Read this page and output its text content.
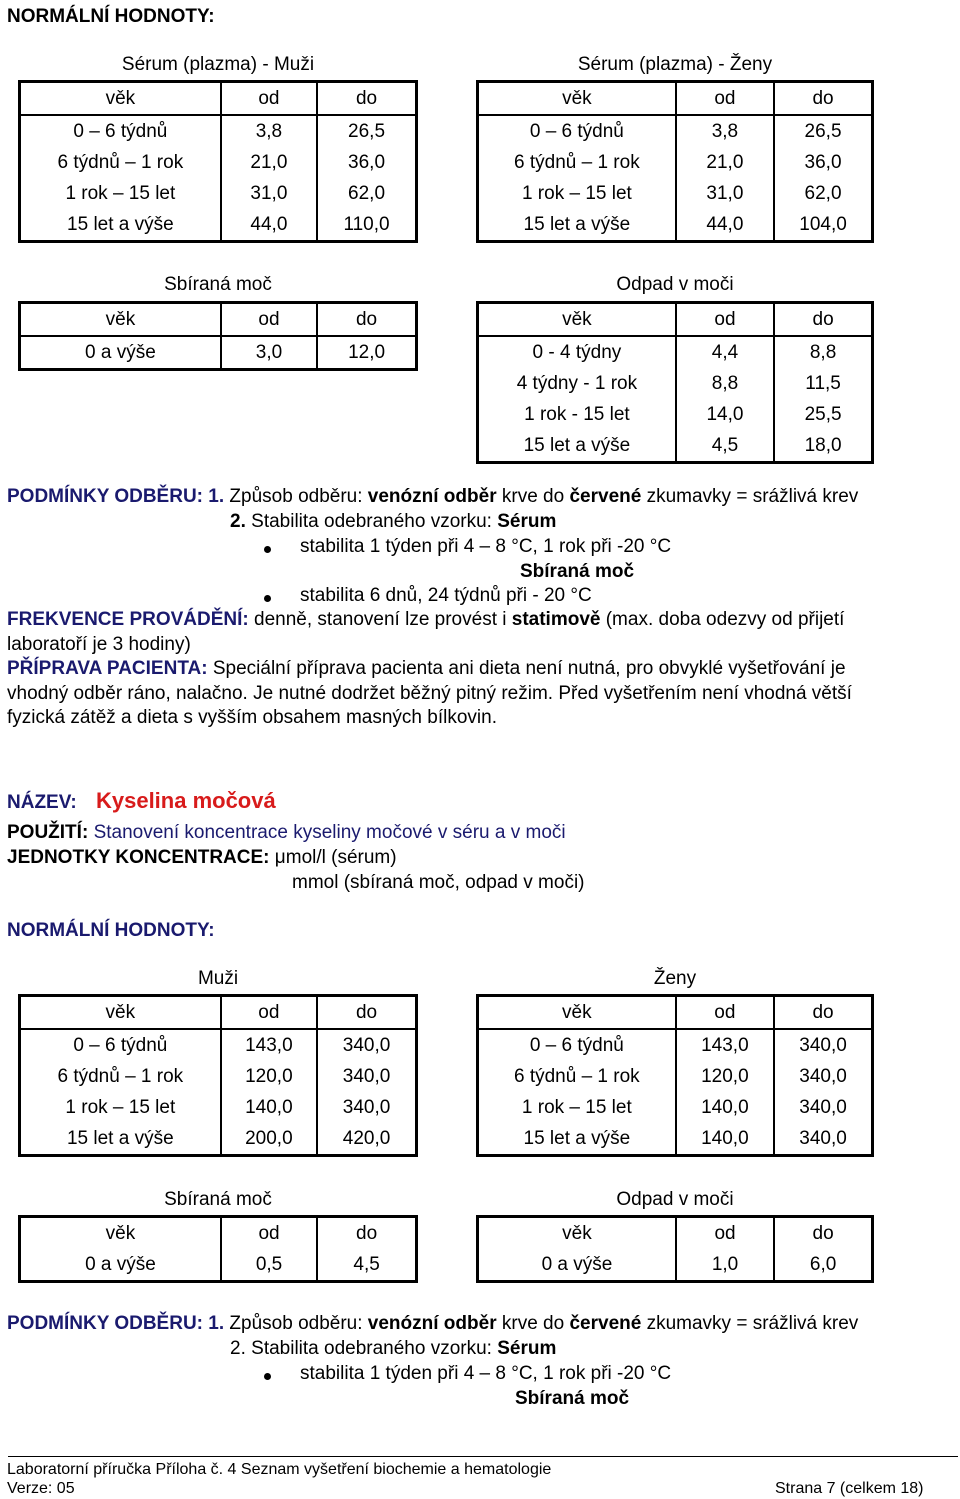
NORMÁLNÍ HODNOTY:
Sérum (plazma) - Muži	Sérum (plazma) - Ženy
věk	od	do
0 – 6 týdnů	3,8	26,5
6 týdnů – 1 rok	21,0	36,0
1 rok – 15 let	31,0	62,0
15 let a výše	44,0	110,0
věk	od	do
0 – 6 týdnů	3,8	26,5
6 týdnů – 1 rok	21,0	36,0
1 rok – 15 let	31,0	62,0
15 let a výše	44,0	104,0
Sbíraná moč	Odpad v moči
věk	od	do
0 a výše	3,0	12,0
věk	od	do
0 - 4 týdny	4,4	8,8
4 týdny - 1 rok	8,8	11,5
1 rok - 15 let	14,0	25,5
15 let a výše	4,5	18,0
PODMÍNKY ODBĚRU: 1. Způsob odběru: venózní odběr krve do červené zkumavky = srážlivá krev
2. Stabilita odebraného vzorku: Sérum
stabilita 1 týden při 4 – 8 °C, 1 rok při -20 °C
Sbíraná moč
stabilita 6 dnů, 24 týdnů při - 20 °C
FREKVENCE PROVÁDĚNÍ: denně, stanovení lze provést i statimově (max. doba odezvy od přijetí
laboratoří je 3 hodiny)
PŘÍPRAVA PACIENTA: Speciální příprava pacienta ani dieta není nutná, pro obvyklé vyšetřování je
vhodný odběr ráno, nalačno. Je nutné dodržet běžný pitný režim. Před vyšetřením není vhodná větší
fyzická zátěž a dieta s vyšším obsahem masných bílkovin.
NÁZEV: Kyselina močová
POUŽITÍ: Stanovení koncentrace kyseliny močové v séru a v moči
JEDNOTKY KONCENTRACE: μmol/l (sérum)
mmol (sbíraná moč, odpad v moči)
NORMÁLNÍ HODNOTY:
Muži	Ženy
věk	od	do
0 – 6 týdnů	143,0	340,0
6 týdnů – 1 rok	120,0	340,0
1 rok – 15 let	140,0	340,0
15 let a výše	200,0	420,0
věk	od	do
0 – 6 týdnů	143,0	340,0
6 týdnů – 1 rok	120,0	340,0
1 rok – 15 let	140,0	340,0
15 let a výše	140,0	340,0
Sbíraná moč	Odpad v moči
věk	od	do
0 a výše	0,5	4,5
věk	od	do
0 a výše	1,0	6,0
PODMÍNKY ODBĚRU: 1. Způsob odběru: venózní odběr krve do červené zkumavky = srážlivá krev
2. Stabilita odebraného vzorku: Sérum
stabilita 1 týden při 4 – 8 °C, 1 rok při -20 °C
Sbíraná moč
Laboratorní příručka Příloha č. 4 Seznam vyšetření biochemie a hematologie
Verze: 05	Strana 7 (celkem 18)
